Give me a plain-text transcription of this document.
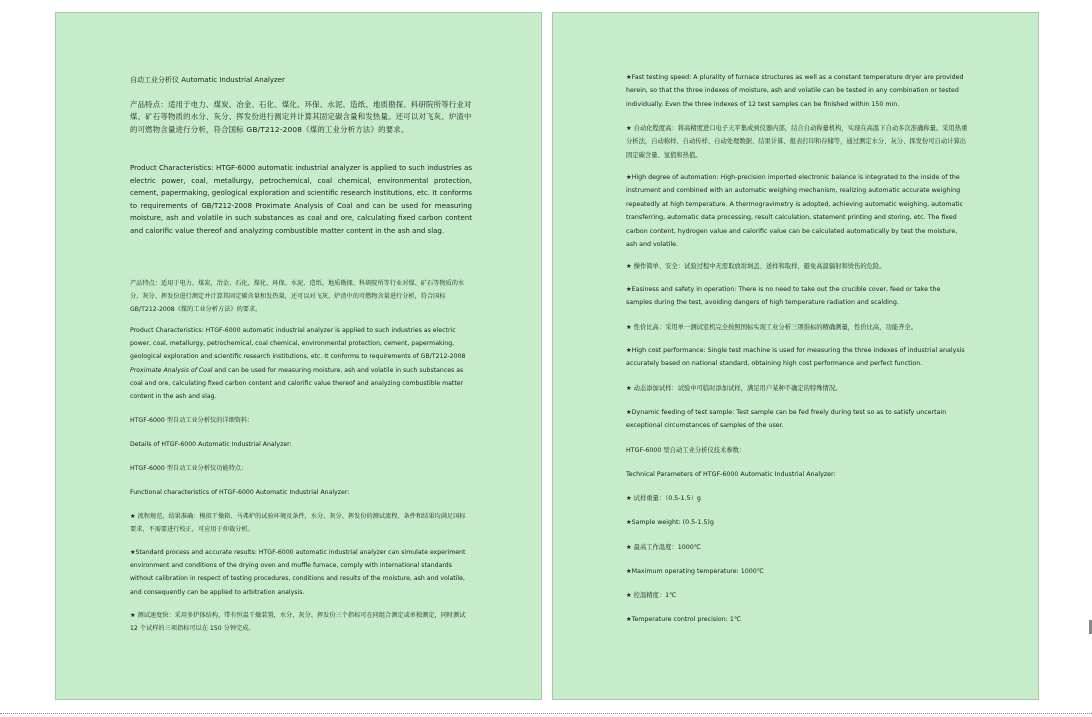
自动工业分析仪 Automatic Industrial Analyzer

产品特点：适用于电力、煤炭、冶金、石化、煤化、环保、水泥、造纸、地质勘探、科研院所等行业对煤、矿石等物质的水分、灰分、挥发份进行测定并计算其固定碳含量和发热量。还可以对飞灰、炉渣中的可燃物含量进行分析，符合国标 GB/T212-2008《煤的工业分析方法》的要求。

Product Characteristics: HTGF-6000 automatic industrial analyzer is applied to such industries as electric power, coal, metallurgy, petrochemical, coal chemical, environmental protection, cement, papermaking, geological exploration and scientific research institutions, etc. It conforms to requirements of GB/T212-2008 Proximate Analysis of Coal and can be used for measuring moisture, ash and volatile in such substances as coal and ore, calculating fixed carbon content and calorific value thereof and analyzing combustible matter content in the ash and slag.

产品特点：适用于电力、煤炭、冶金、石化、煤化、环保、水泥、造纸、地质勘探、科研院所等行业对煤、矿石等物质的水分、灰分、挥发份进行测定并计算其固定碳含量和发热量，还可以对飞灰、炉渣中的可燃物含量进行分析，符合国标 GB/T212-2008《煤的工业分析方法》的要求。

Product Characteristics: HTGF-6000 automatic industrial analyzer is applied to such industries as electric power, coal, metallurgy, petrochemical, coal chemical, environmental protection, cement, papermaking, geological exploration and scientific research institutions, etc. It conforms to requirements of GB/T212-2008 Proximate Analysis of Coal and can be used for measuring moisture, ash and volatile in such substances as coal and ore, calculating fixed carbon content and calorific value thereof and analyzing combustible matter content in the ash and slag.

HTGF-6000 型自动工业分析仪的详细资料：

Details of HTGF-6000 Automatic Industrial Analyzer:

HTGF-6000 型自动工业分析仪功能特点：

Functional characteristics of HTGF-6000 Automatic Industrial Analyzer:

★ 流程规范、结果准确：模拟干燥箱、马弗炉的试验环境及条件，水分、灰分、挥发份的测试流程、条件和结果均满足国标要求，不需要进行校正，可应用于仲裁分析。

★Standard process and accurate results: HTGF-6000 automatic industrial analyzer can simulate experiment environment and conditions of the drying oven and muffle furnace, comply with international standards without calibration in respect of testing procedures, conditions and results of the moisture, ash and volatile, and consequently can be applied to arbitration analysis.

★ 测试速度快：采用多炉体结构，带有恒温干燥装置，水分、灰分、挥发份三个指标可在同组合测定或单独测定，同时测试 12 个试样的三项指标可以在 150 分钟完成。

★Fast testing speed: A plurality of furnace structures as well as a constant temperature dryer are provided herein, so that the three indexes of moisture, ash and volatile can be tested in any combination or tested individually. Even the three indexes of 12 test samples can be finished within 150 min.

★ 自动化程度高：将高精度进口电子天平集成到仪器内部，结合自动称量机构，实现在高温下自动多次准确称量。采用热重分析法，自动称样、自动传样、自动处理数据、结果计算、报表打印和存储等，通过测定水分、灰分、挥发份可自动计算出固定碳含量、氢值和热值。

★High degree of automation: High-precision imported electronic balance is integrated to the inside of the instrument and combined with an automatic weighing mechanism, realizing automatic accurate weighing repeatedly at high temperature. A thermogravimetry is adopted, achieving automatic weighing, automatic transferring, automatic data processing, result calculation, statement printing and storing, etc. The fixed carbon content, hydrogen value and calorific value can be calculated automatically by test the moisture, ash and volatile.

★ 操作简单、安全：试验过程中无需取放坩埚盖、送样和取样，避免高温辐射和烫伤的危险。

★Easiness and safety in operation: There is no need to take out the crucible cover, feed or take the samples during the test, avoiding dangers of high temperature radiation and scalding.

★ 性价比高：采用单一测试室机完全按照国标实现工业分析三项指标的精确测量，性价比高，功能齐全。

★High cost performance: Single test machine is used for measuring the three indexes of industrial analysis accurately based on national standard, obtaining high cost performance and perfect function.

★ 动态添加试样：试验中可临时添加试样，满足用户某种不确定的特殊情况。

★Dynamic feeding of test sample: Test sample can be fed freely during test so as to satisfy uncertain exceptional circumstances of samples of the user.

HTGF-6000 型自动工业分析仪技术参数：

Technical Parameters of HTGF-6000 Automatic Industrial Analyzer:

★ 试样重量：（0.5-1.5）g

★Sample weight: (0.5-1.5)g

★ 最高工作温度：1000℃

★Maximum operating temperature: 1000℃

★ 控温精度：1℃

★Temperature control precision: 1℃
